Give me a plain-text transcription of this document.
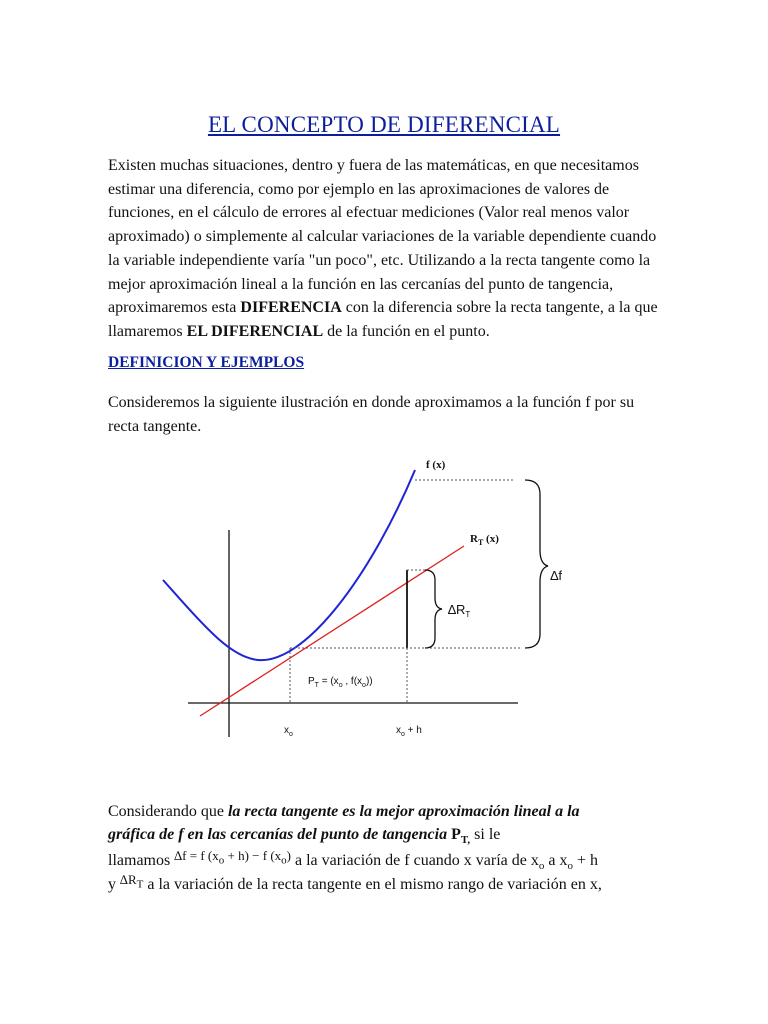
EL CONCEPTO DE DIFERENCIAL
Existen muchas situaciones, dentro y fuera de las matemáticas, en que necesitamos estimar una diferencia, como por ejemplo en las aproximaciones de valores de funciones, en el cálculo de errores al efectuar mediciones (Valor real menos valor aproximado) o simplemente al calcular variaciones de la variable dependiente cuando la variable independiente varía "un poco", etc. Utilizando a la recta tangente como la mejor aproximación lineal a la función en las cercanías del punto de tangencia, aproximaremos esta DIFERENCIA con la diferencia sobre la recta tangente, a la que llamaremos EL DIFERENCIAL de la función en el punto.
DEFINICION Y EJEMPLOS
Consideremos la siguiente ilustración en donde aproximamos a la función f por su recta tangente.
f (x)
$R_T$ (x)
∆f
$\Delta R_T$
$P_T = (x_o$ , $f(x_o)$)
$x_o$	$x_o + h$
Considerando que la recta tangente es la mejor aproximación lineal a la
gráfica de f en las cercanías del punto de tangencia $P_{T,}$ si le
llamamos $^{\Delta f = f (x_o + h) - f (x_o)}$ a la variación de f cuando x varía de $x_o$ a $x_o + h$
y $^{\Delta R_T}$ a la variación de la recta tangente en el mismo rango de variación en x,
